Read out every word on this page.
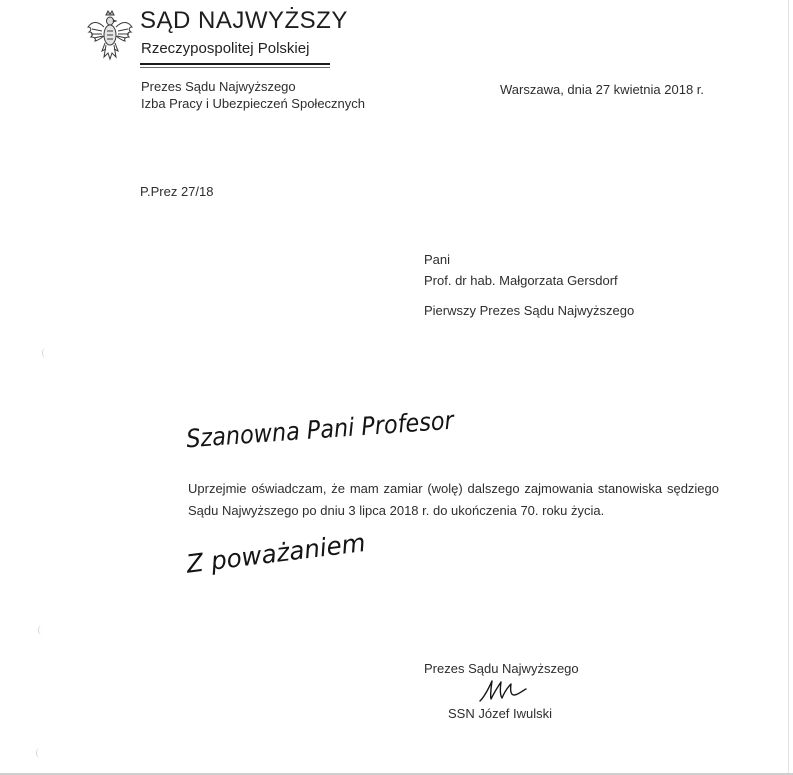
SĄD NAJWYŻSZY
Rzeczypospolitej Polskiej
Prezes Sądu Najwyższego
Izba Pracy i Ubezpieczeń Społecznych
Warszawa, dnia 27 kwietnia 2018 r.
P.Prez 27/18
Pani
Prof. dr hab. Małgorzata Gersdorf
Pierwszy Prezes Sądu Najwyższego
Szanowna Pani Profesor
Uprzejmie oświadczam, że mam zamiar (wolę) dalszego zajmowania stanowiska sędziego Sądu Najwyższego po dniu 3 lipca 2018 r. do ukończenia 70. roku życia.
Z poważaniem
Prezes Sądu Najwyższego
SSN Józef Iwulski
